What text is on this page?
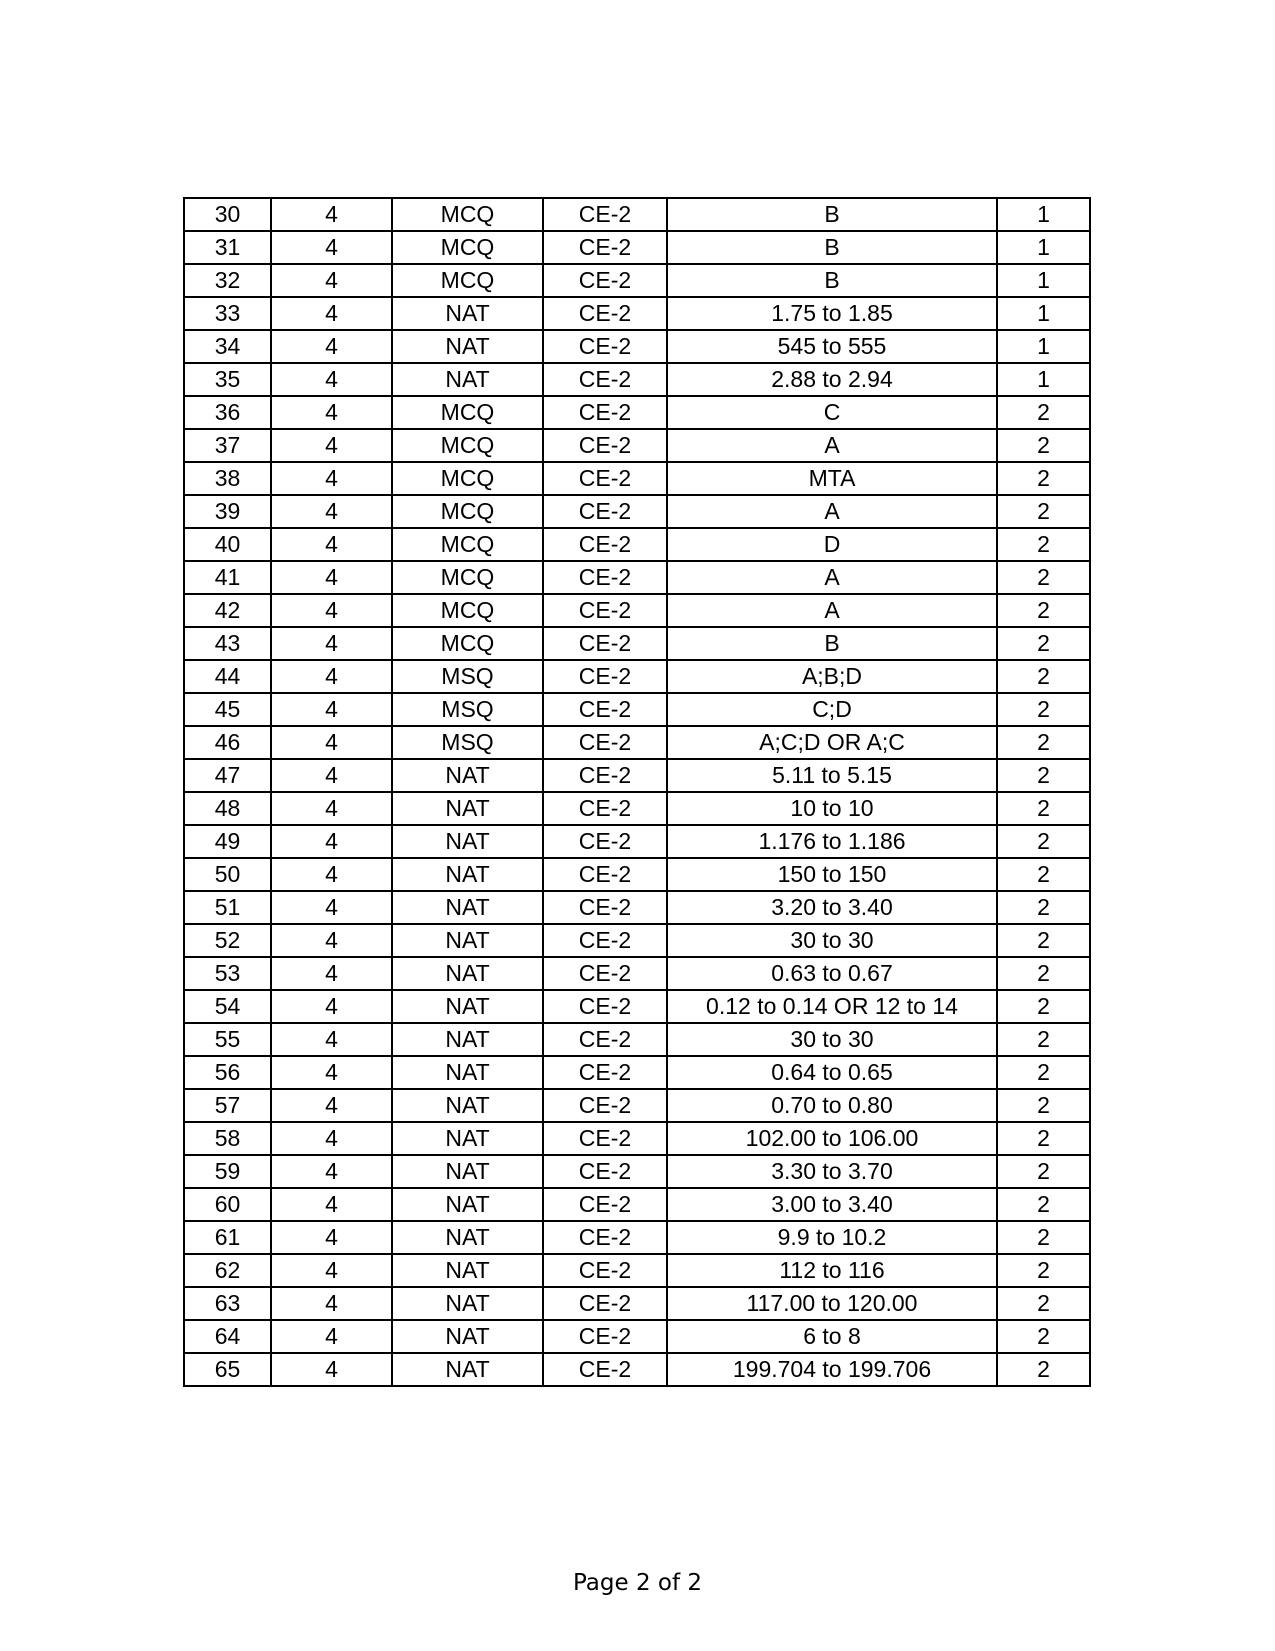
30	4	MCQ	CE-2	B	1
31	4	MCQ	CE-2	B	1
32	4	MCQ	CE-2	B	1
33	4	NAT	CE-2	1.75 to 1.85	1
34	4	NAT	CE-2	545 to 555	1
35	4	NAT	CE-2	2.88 to 2.94	1
36	4	MCQ	CE-2	C	2
37	4	MCQ	CE-2	A	2
38	4	MCQ	CE-2	MTA	2
39	4	MCQ	CE-2	A	2
40	4	MCQ	CE-2	D	2
41	4	MCQ	CE-2	A	2
42	4	MCQ	CE-2	A	2
43	4	MCQ	CE-2	B	2
44	4	MSQ	CE-2	A;B;D	2
45	4	MSQ	CE-2	C;D	2
46	4	MSQ	CE-2	A;C;D OR A;C	2
47	4	NAT	CE-2	5.11 to 5.15	2
48	4	NAT	CE-2	10 to 10	2
49	4	NAT	CE-2	1.176 to 1.186	2
50	4	NAT	CE-2	150 to 150	2
51	4	NAT	CE-2	3.20 to 3.40	2
52	4	NAT	CE-2	30 to 30	2
53	4	NAT	CE-2	0.63 to 0.67	2
54	4	NAT	CE-2	0.12 to 0.14 OR 12 to 14	2
55	4	NAT	CE-2	30 to 30	2
56	4	NAT	CE-2	0.64 to 0.65	2
57	4	NAT	CE-2	0.70 to 0.80	2
58	4	NAT	CE-2	102.00 to 106.00	2
59	4	NAT	CE-2	3.30 to 3.70	2
60	4	NAT	CE-2	3.00 to 3.40	2
61	4	NAT	CE-2	9.9 to 10.2	2
62	4	NAT	CE-2	112 to 116	2
63	4	NAT	CE-2	117.00 to 120.00	2
64	4	NAT	CE-2	6 to 8	2
65	4	NAT	CE-2	199.704 to 199.706	2
Page 2 of 2
